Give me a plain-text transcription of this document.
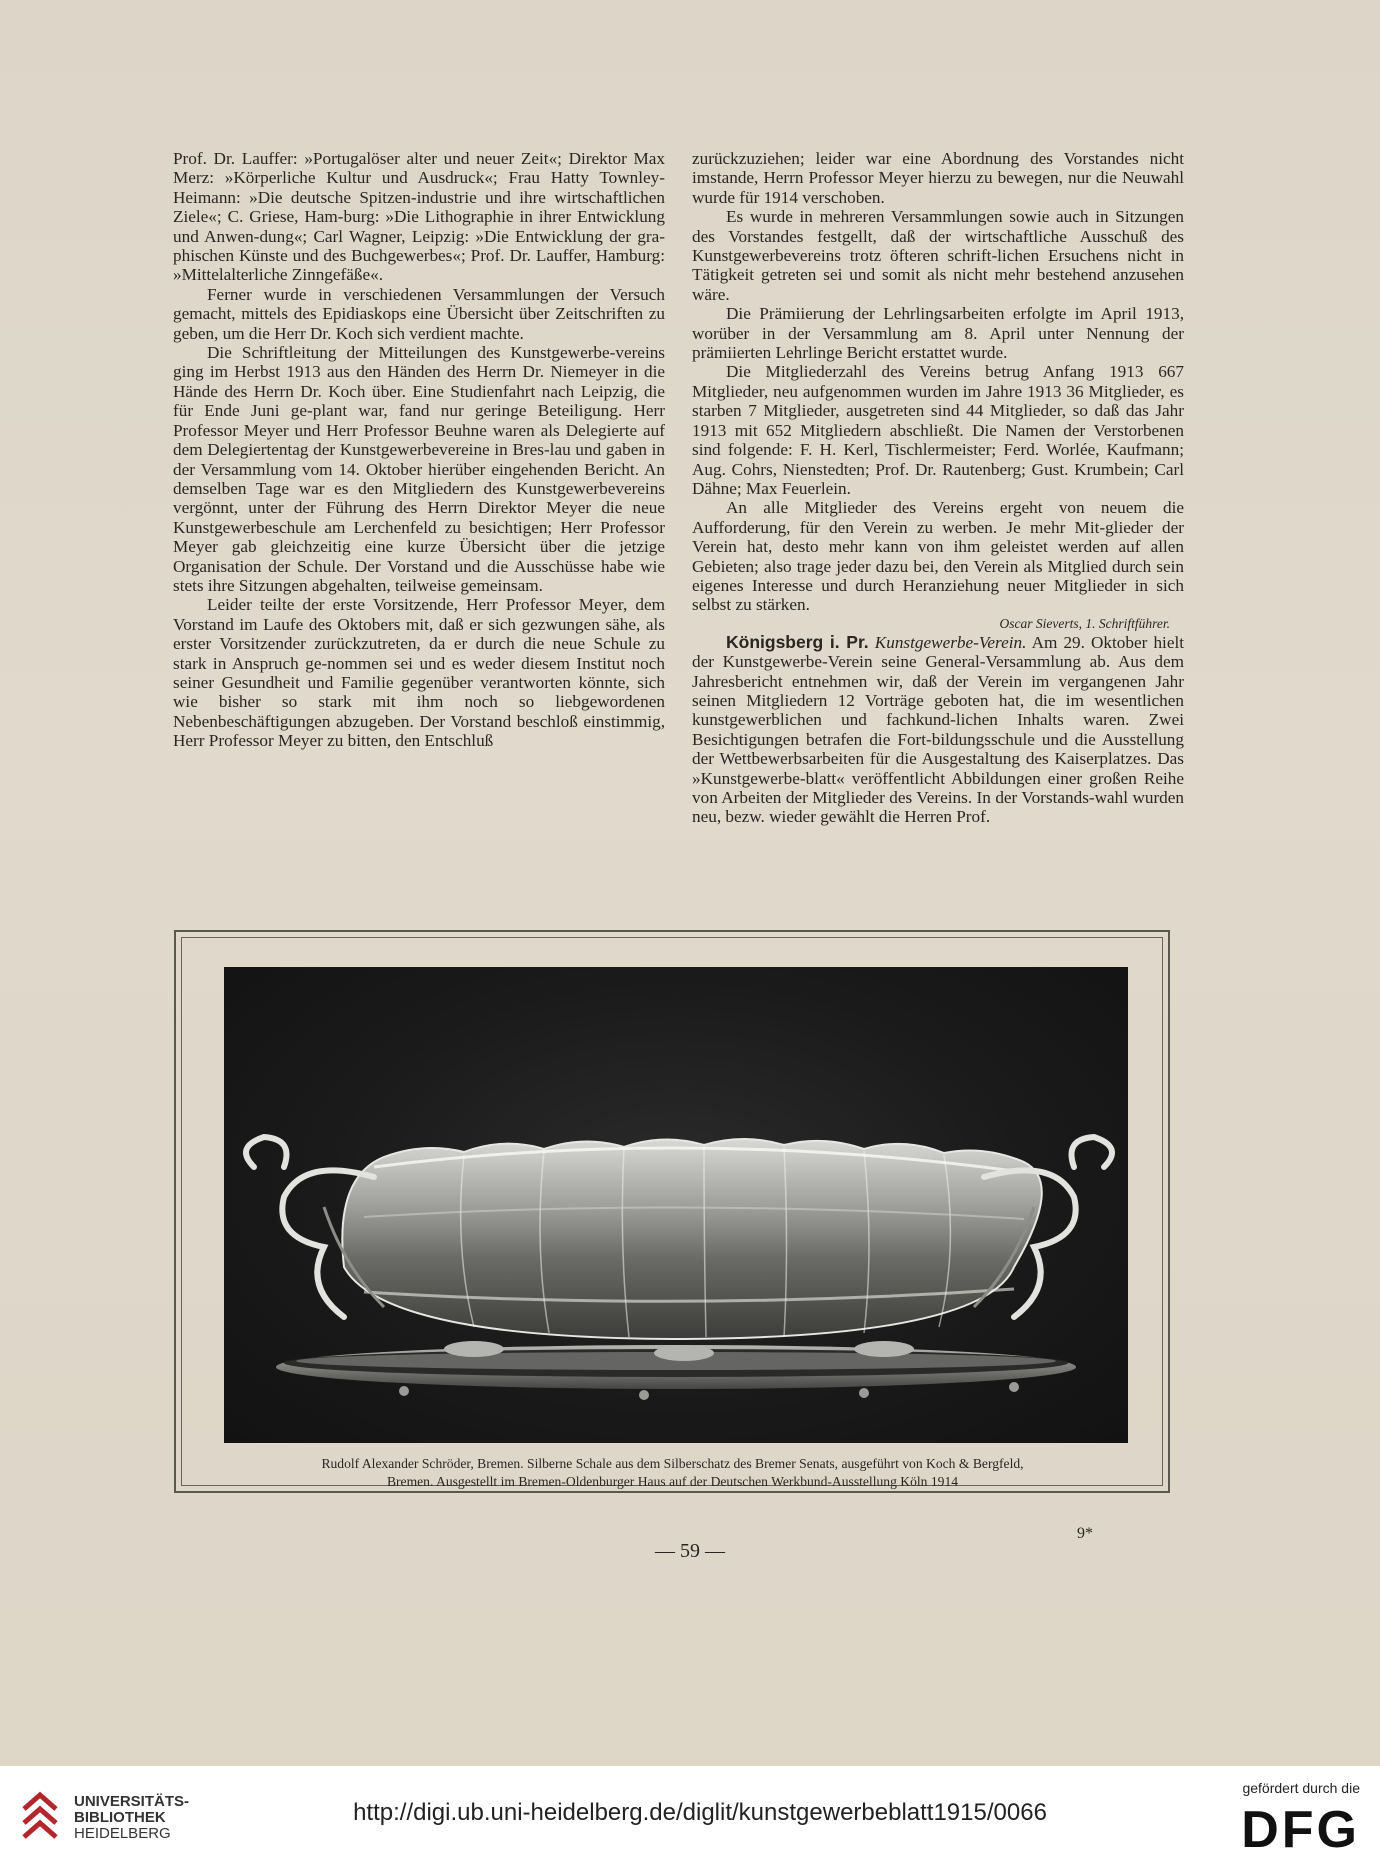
Prof. Dr. Lauffer: »Portugalöser alter und neuer Zeit«; Direktor Max Merz: »Körperliche Kultur und Ausdruck«; Frau Hatty Townley-Heimann: »Die deutsche Spitzen-industrie und ihre wirtschaftlichen Ziele«; C. Griese, Ham-burg: »Die Lithographie in ihrer Entwicklung und Anwen-dung«; Carl Wagner, Leipzig: »Die Entwicklung der gra-phischen Künste und des Buchgewerbes«; Prof. Dr. Lauffer, Hamburg: »Mittelalterliche Zinngefäße«.

Ferner wurde in verschiedenen Versammlungen der Versuch gemacht, mittels des Epidiaskops eine Übersicht über Zeitschriften zu geben, um die Herr Dr. Koch sich verdient machte.

Die Schriftleitung der Mitteilungen des Kunstgewerbe-vereins ging im Herbst 1913 aus den Händen des Herrn Dr. Niemeyer in die Hände des Herrn Dr. Koch über. Eine Studienfahrt nach Leipzig, die für Ende Juni ge-plant war, fand nur geringe Beteiligung. Herr Professor Meyer und Herr Professor Beuhne waren als Delegierte auf dem Delegiertentag der Kunstgewerbevereine in Bres-lau und gaben in der Versammlung vom 14. Oktober hierüber eingehenden Bericht. An demselben Tage war es den Mitgliedern des Kunstgewerbevereins vergönnt, unter der Führung des Herrn Direktor Meyer die neue Kunstgewerbeschule am Lerchenfeld zu besichtigen; Herr Professor Meyer gab gleichzeitig eine kurze Übersicht über die jetzige Organisation der Schule. Der Vorstand und die Ausschüsse habe wie stets ihre Sitzungen abgehalten, teilweise gemeinsam.

Leider teilte der erste Vorsitzende, Herr Professor Meyer, dem Vorstand im Laufe des Oktobers mit, daß er sich gezwungen sähe, als erster Vorsitzender zurückzutreten, da er durch die neue Schule zu stark in Anspruch ge-nommen sei und es weder diesem Institut noch seiner Gesundheit und Familie gegenüber verantworten könnte, sich wie bisher so stark mit ihm noch so liebgewordenen Nebenbeschäftigungen abzugeben. Der Vorstand beschloß einstimmig, Herr Professor Meyer zu bitten, den Entschluß

zurückzuziehen; leider war eine Abordnung des Vorstandes nicht imstande, Herrn Professor Meyer hierzu zu bewegen, nur die Neuwahl wurde für 1914 verschoben.

Es wurde in mehreren Versammlungen sowie auch in Sitzungen des Vorstandes festgellt, daß der wirtschaftliche Ausschuß des Kunstgewerbevereins trotz öfteren schrift-lichen Ersuchens nicht in Tätigkeit getreten sei und somit als nicht mehr bestehend anzusehen wäre.

Die Prämiierung der Lehrlingsarbeiten erfolgte im April 1913, worüber in der Versammlung am 8. April unter Nennung der prämiierten Lehrlinge Bericht erstattet wurde.

Die Mitgliederzahl des Vereins betrug Anfang 1913 667 Mitglieder, neu aufgenommen wurden im Jahre 1913 36 Mitglieder, es starben 7 Mitglieder, ausgetreten sind 44 Mitglieder, so daß das Jahr 1913 mit 652 Mitgliedern abschließt. Die Namen der Verstorbenen sind folgende: F. H. Kerl, Tischlermeister; Ferd. Worlée, Kaufmann; Aug. Cohrs, Nienstedten; Prof. Dr. Rautenberg; Gust. Krumbein; Carl Dähne; Max Feuerlein.

An alle Mitglieder des Vereins ergeht von neuem die Aufforderung, für den Verein zu werben. Je mehr Mit-glieder der Verein hat, desto mehr kann von ihm geleistet werden auf allen Gebieten; also trage jeder dazu bei, den Verein als Mitglied durch sein eigenes Interesse und durch Heranziehung neuer Mitglieder in sich selbst zu stärken.

Oscar Sieverts, 1. Schriftführer.

Königsberg i. Pr. Kunstgewerbe-Verein. Am 29. Oktober hielt der Kunstgewerbe-Verein seine General-Versammlung ab. Aus dem Jahresbericht entnehmen wir, daß der Verein im vergangenen Jahr seinen Mitgliedern 12 Vorträge geboten hat, die im wesentlichen kunstgewerblichen und fachkund-lichen Inhalts waren. Zwei Besichtigungen betrafen die Fort-bildungsschule und die Ausstellung der Wettbewerbsarbeiten für die Ausgestaltung des Kaiserplatzes. Das »Kunstgewerbe-blatt« veröffentlicht Abbildungen einer großen Reihe von Arbeiten der Mitglieder des Vereins. In der Vorstands-wahl wurden neu, bezw. wieder gewählt die Herren Prof.

Rudolf Alexander Schröder, Bremen. Silberne Schale aus dem Silberschatz des Bremer Senats, ausgeführt von Koch & Bergfeld,
Bremen. Ausgestellt im Bremen-Oldenburger Haus auf der Deutschen Werkbund-Ausstellung Köln 1914
9*
— 59 —
UNIVERSITÄTS-
BIBLIOTHEK
HEIDELBERG
http://digi.ub.uni-heidelberg.de/diglit/kunstgewerbeblatt1915/0066
gefördert durch die
DFG
